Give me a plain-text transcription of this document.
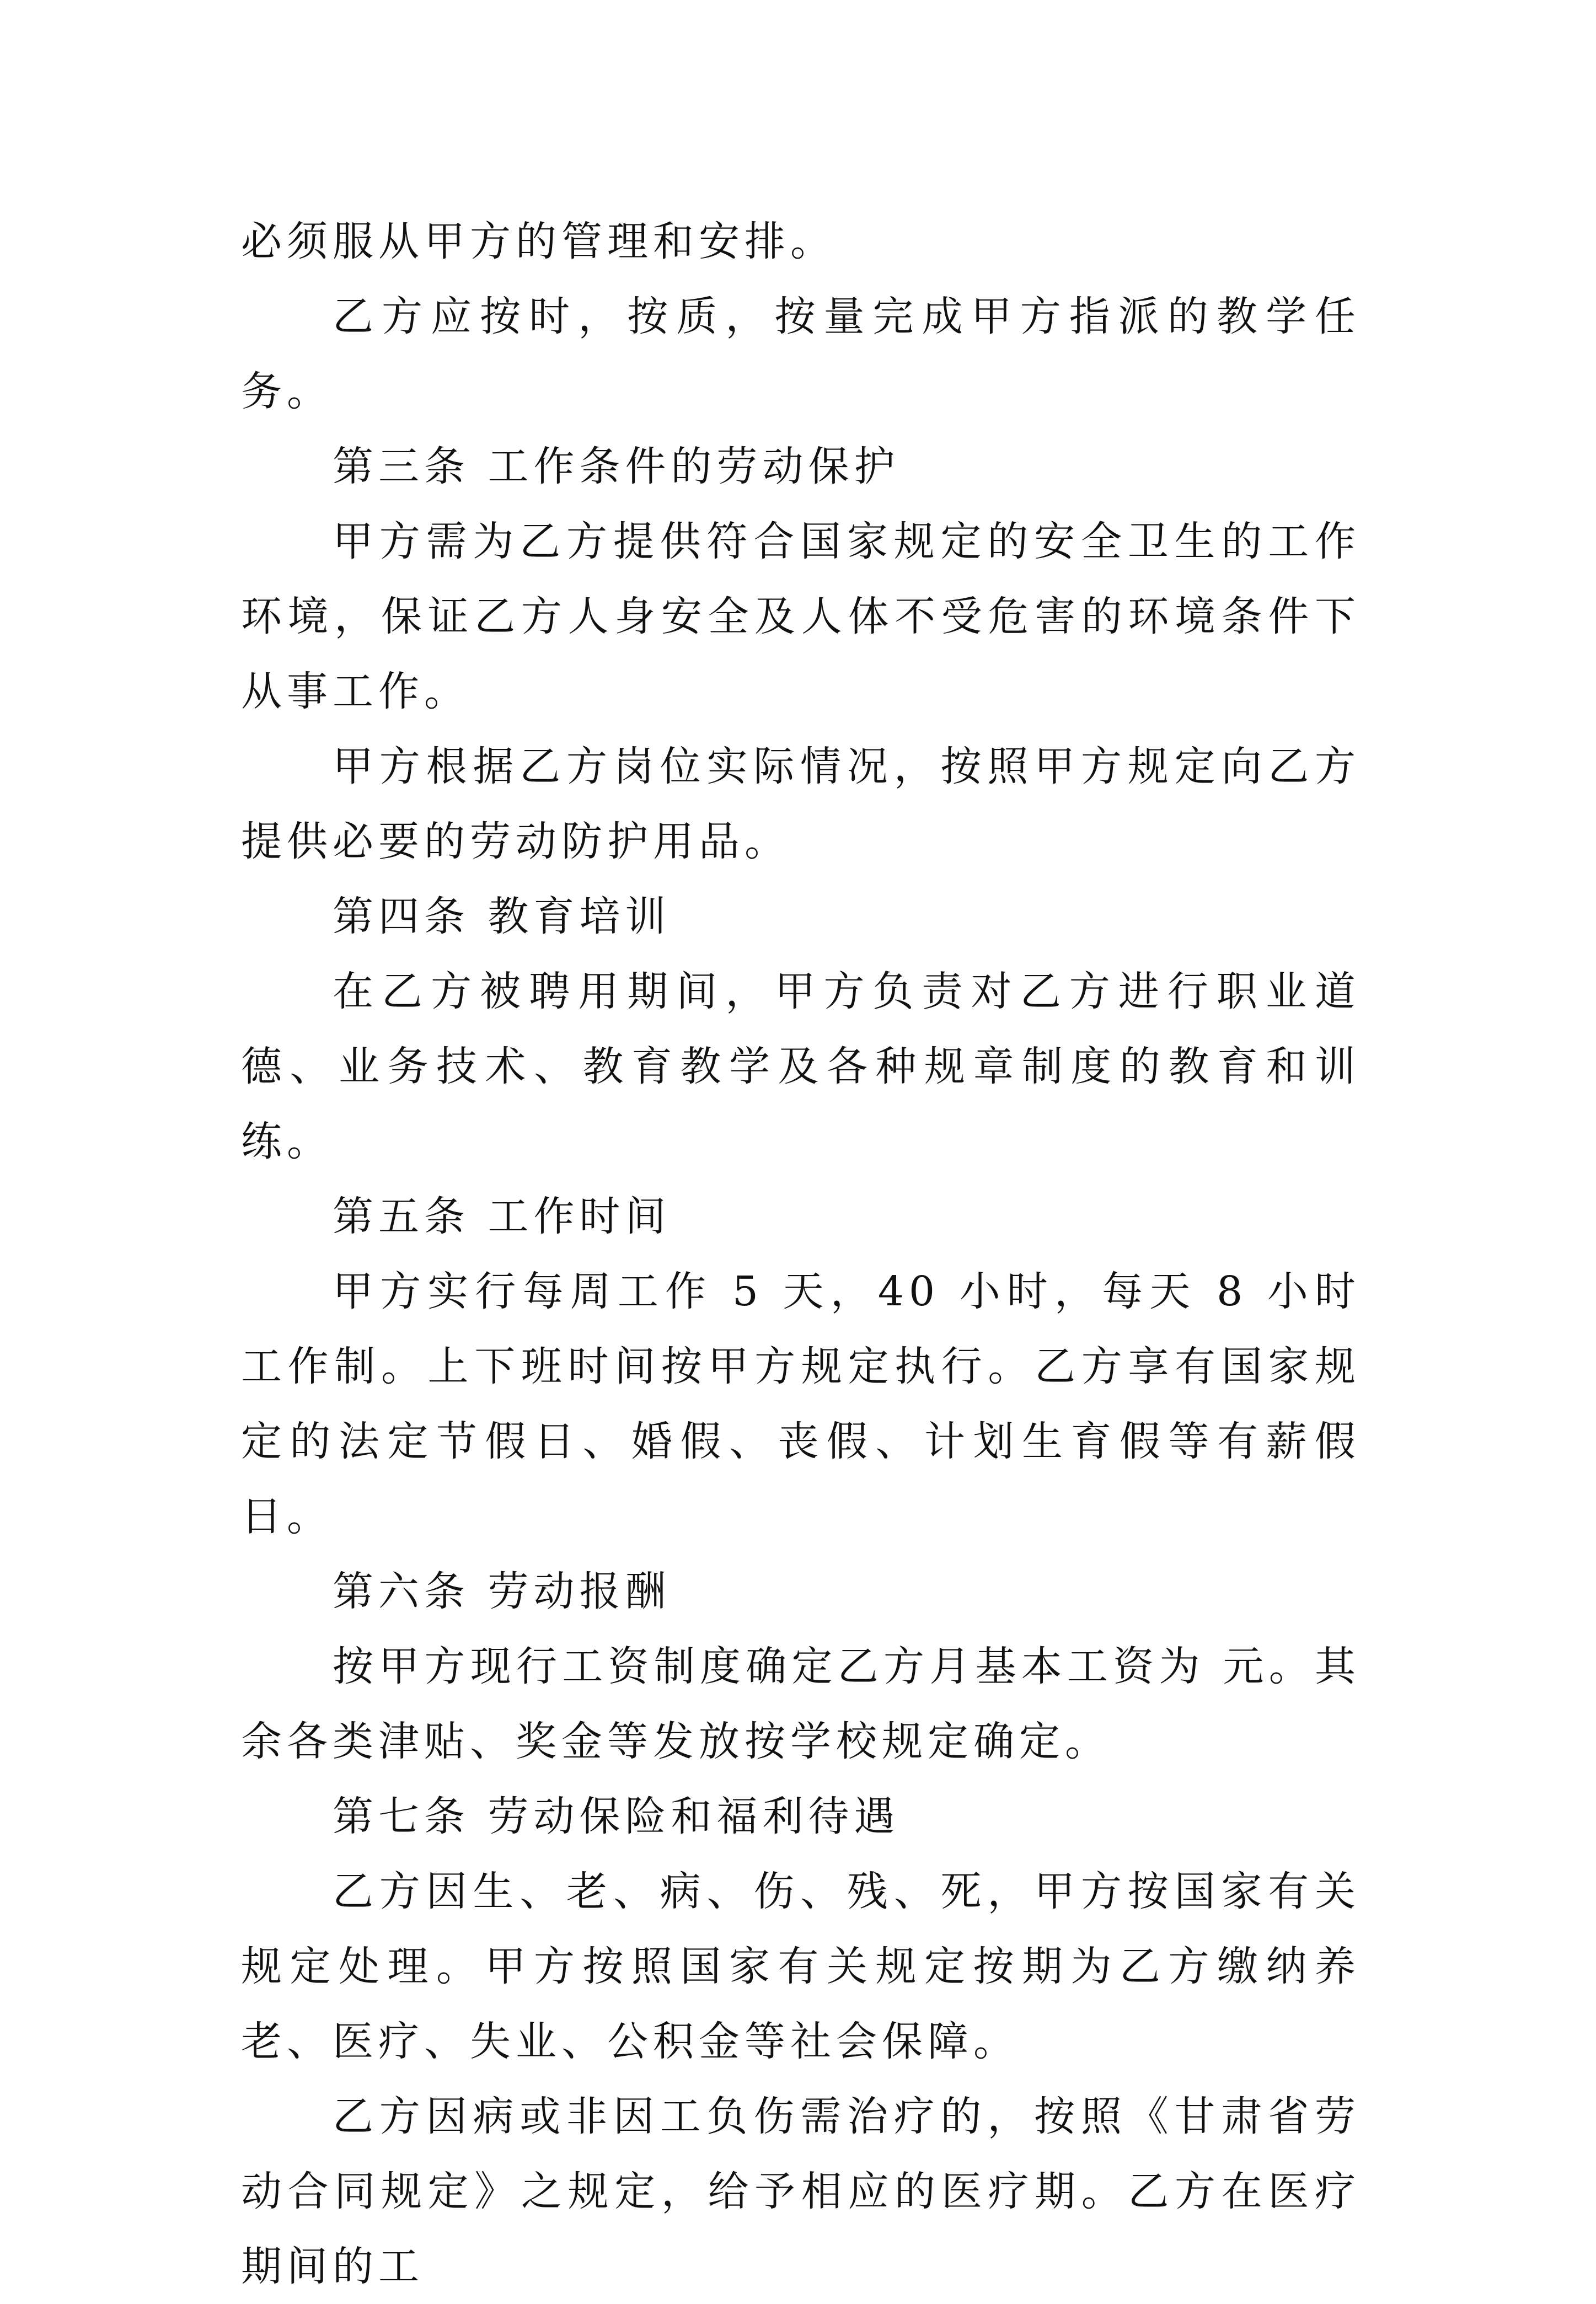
必须服从甲方的管理和安排。

乙方应按时，按质，按量完成甲方指派的教学任务。

第三条 工作条件的劳动保护

甲方需为乙方提供符合国家规定的安全卫生的工作环境，保证乙方人身安全及人体不受危害的环境条件下从事工作。

甲方根据乙方岗位实际情况，按照甲方规定向乙方提供必要的劳动防护用品。

第四条 教育培训

在乙方被聘用期间，甲方负责对乙方进行职业道德、业务技术、教育教学及各种规章制度的教育和训练。

第五条 工作时间

甲方实行每周工作 5 天，40 小时，每天 8 小时工作制。上下班时间按甲方规定执行。乙方享有国家规定的法定节假日、婚假、丧假、计划生育假等有薪假日。

第六条 劳动报酬

按甲方现行工资制度确定乙方月基本工资为 元。其余各类津贴、奖金等发放按学校规定确定。

第七条 劳动保险和福利待遇

乙方因生、老、病、伤、残、死，甲方按国家有关规定处理。甲方按照国家有关规定按期为乙方缴纳养老、医疗、失业、公积金等社会保障。

乙方因病或非因工负伤需治疗的，按照《甘肃省劳动合同规定》之规定，给予相应的医疗期。乙方在医疗期间的工
